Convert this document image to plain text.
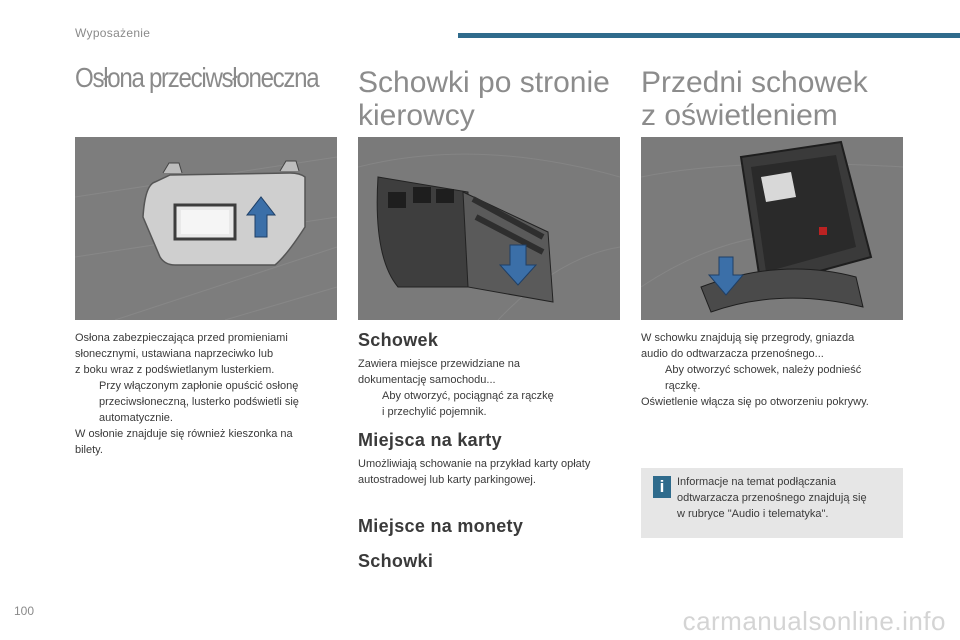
Wyposażenie
Osłona przeciwsłoneczna

Osłona zabezpieczająca przed promieniami

słonecznymi, ustawiana naprzeciwko lub

z boku wraz z podświetlanym lusterkiem.

Przy włączonym zapłonie opuścić osłonę

przeciwsłoneczną, lusterko podświetli się

automatycznie.

W osłonie znajduje się również kieszonka na

bilety.

Schowki po stronie
kierowcy
Schowek

Zawiera miejsce przewidziane na

dokumentację samochodu...

Aby otworzyć, pociągnąć za rączkę

i przechylić pojemnik.

Miejsca na karty

Umożliwiają schowanie na przykład karty opłaty

autostradowej lub karty parkingowej.

Miejsce na monety
Schowki
Przedni schowek
z oświetleniem

W schowku znajdują się przegrody, gniazda

audio do odtwarzacza przenośnego...

Aby otworzyć schowek, należy podnieść

rączkę.

Oświetlenie włącza się po otworzeniu pokrywy.

i	Informacje na temat podłączania

odtwarzacza przenośnego znajdują się

w rubryce "Audio i telematyka".

100	carmanualsonline.info
